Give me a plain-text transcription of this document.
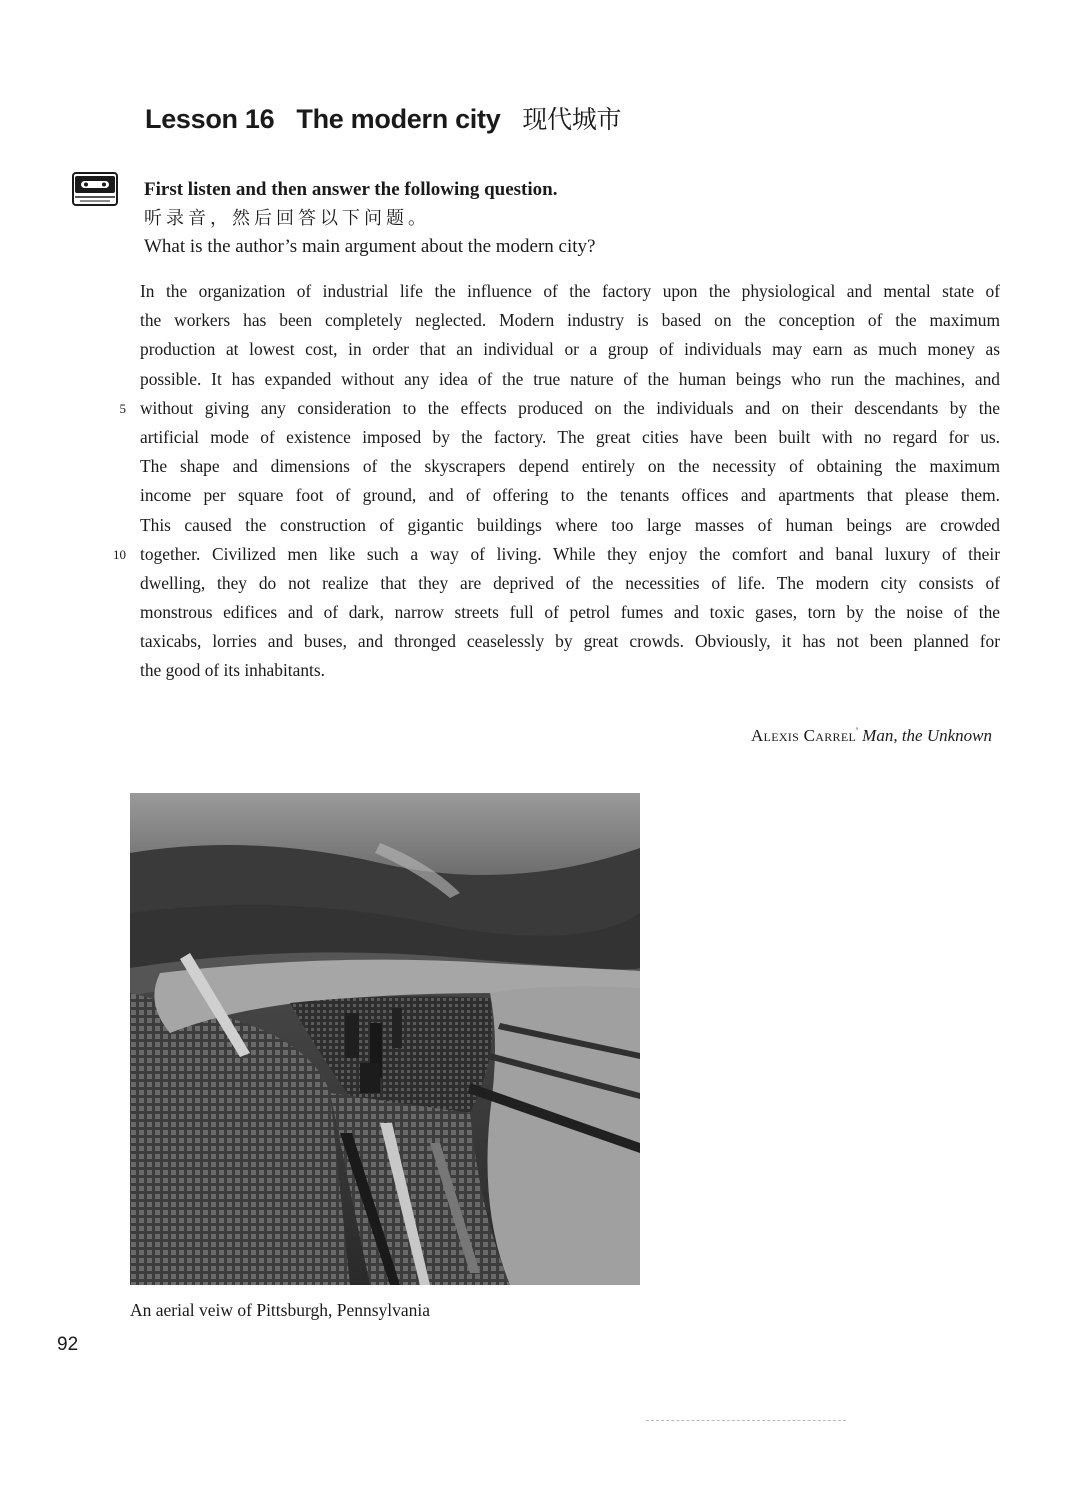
Lesson 16 The modern city 现代城市
First listen and then answer the following question.
听录音，然后回答以下问题。
What is the author’s main argument about the modern city?
In the organization of industrial life the influence of the factory upon the physiological and mental state of
the workers has been completely neglected. Modern industry is based on the conception of the maximum
production at lowest cost, in order that an individual or a group of individuals may earn as much money as
possible. It has expanded without any idea of the true nature of the human beings who run the machines, and
5 without giving any consideration to the effects produced on the individuals and on their descendants by the
artificial mode of existence imposed by the factory. The great cities have been built with no regard for us.
The shape and dimensions of the skyscrapers depend entirely on the necessity of obtaining the maximum
income per square foot of ground, and of offering to the tenants offices and apartments that please them.
This caused the construction of gigantic buildings where too large masses of human beings are crowded
10 together. Civilized men like such a way of living. While they enjoy the comfort and banal luxury of their
dwelling, they do not realize that they are deprived of the necessities of life. The modern city consists of
monstrous edifices and of dark, narrow streets full of petrol fumes and toxic gases, torn by the noise of the
taxicabs, lorries and buses, and thronged ceaselessly by great crowds. Obviously, it has not been planned for
the good of its inhabitants.
Alexis Carrel' Man, the Unknown
An aerial veiw of Pittsburgh, Pennsylvania
92
